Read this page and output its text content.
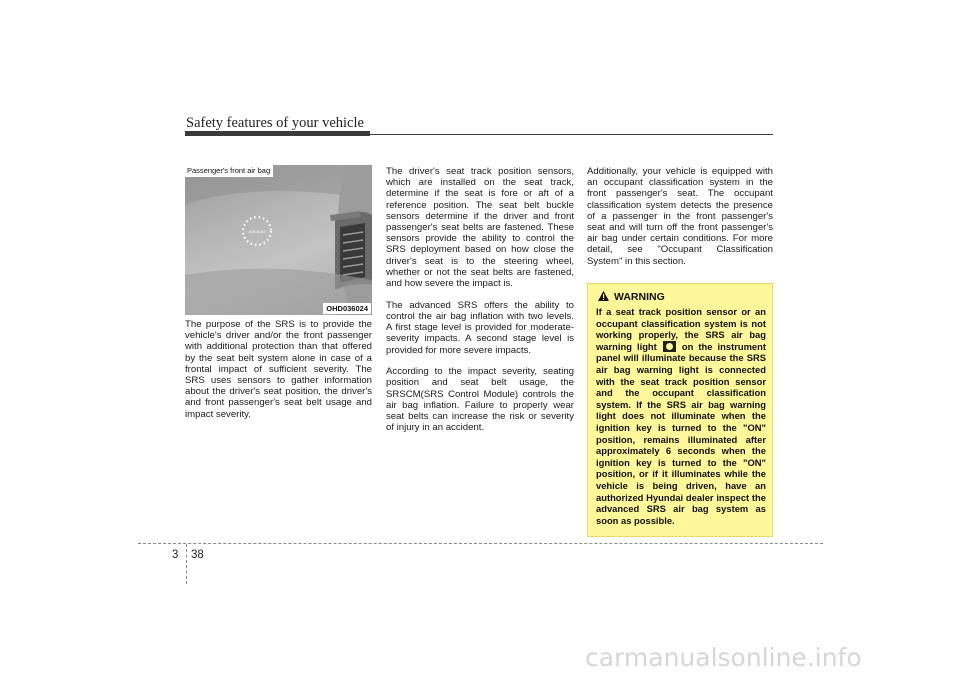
Safety features of your vehicle
AIR BAG
Passenger's front air bag
OHD036024

The purpose of the SRS is to provide the vehicle's driver and/or the front passenger with additional protection than that offered by the seat belt system alone in case of a frontal impact of sufficient severity. The SRS uses sensors to gather information about the driver's seat position, the driver's and front passenger's seat belt usage and impact severity.

The driver's seat track position sensors, which are installed on the seat track, determine if the seat is fore or aft of a reference position. The seat belt buckle sensors determine if the driver and front passenger's seat belts are fastened. These sensors provide the ability to control the SRS deployment based on how close the driver's seat is to the steering wheel, whether or not the seat belts are fastened, and how severe the impact is.

The advanced SRS offers the ability to control the air bag inflation with two levels. A first stage level is provided for moderate-severity impacts. A second stage level is provided for more severe impacts.

According to the impact severity, seating position and seat belt usage, the SRSCM(SRS Control Module) controls the air bag inflation. Failure to properly wear seat belts can increase the risk or severity of injury in an accident.

Additionally, your vehicle is equipped with an occupant classification system in the front passenger's seat. The occupant classification system detects the presence of a passenger in the front passenger's seat and will turn off the front passenger's air bag under certain conditions. For more detail, see "Occupant Classification System" in this section.

WARNING
If a seat track position sensor or an occupant classification system is not working properly, the SRS air bag warning light	on the instrument panel will illuminate because the SRS air bag warning light is connected with the seat track position sensor and the occupant classification system. If the SRS air bag warning light does not illuminate when the ignition key is turned to the "ON" position, remains illuminated after approximately 6 seconds when the ignition key is turned to the "ON" position, or if it illuminates while the vehicle is being driven, have an authorized Hyundai dealer inspect the advanced SRS air bag system as soon as possible.
3 38
carmanualsonline.info
